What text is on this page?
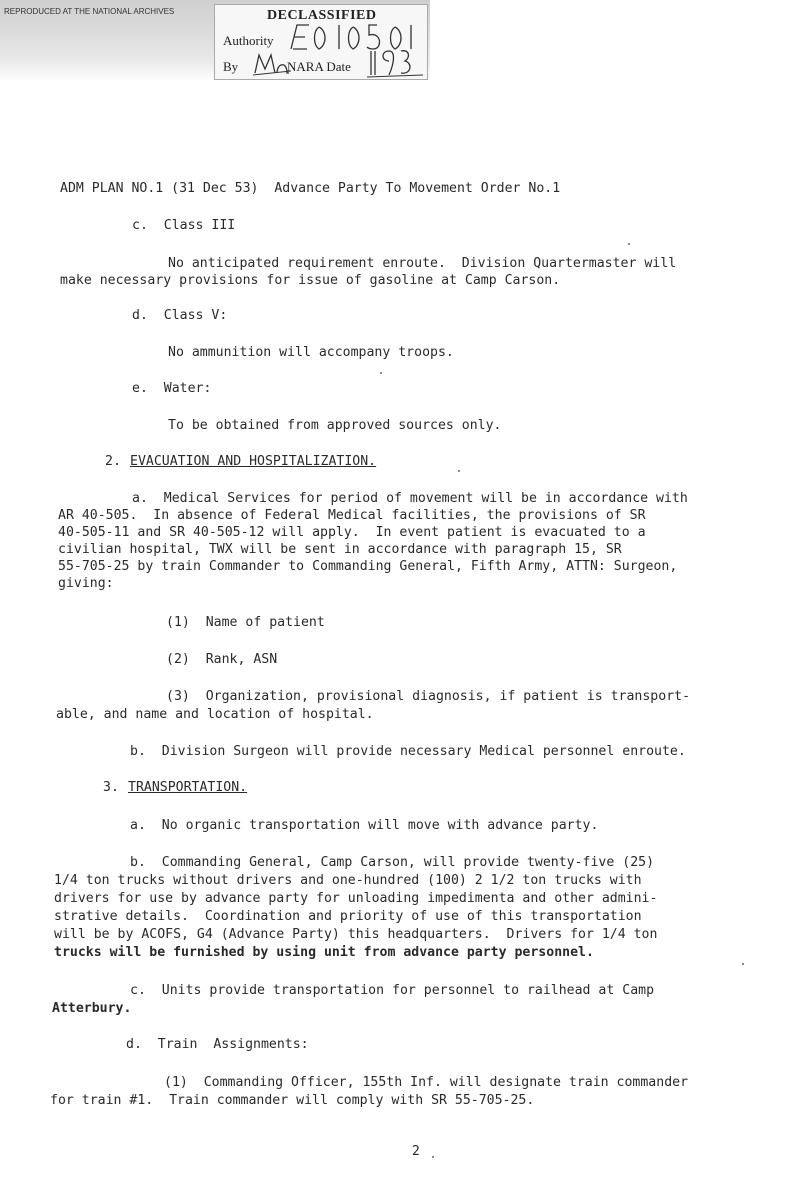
REPRODUCED AT THE NATIONAL ARCHIVES	DECLASSIFIED
Authority
By	NARA Date
ADM PLAN NO.1 (31 Dec 53)  Advance Party To Movement Order No.1
c.  Class III
No anticipated requirement enroute.  Division Quartermaster will
make necessary provisions for issue of gasoline at Camp Carson.
d.  Class V:
No ammunition will accompany troops.
e.  Water:
To be obtained from approved sources only.
2. EVACUATION AND HOSPITALIZATION.
a.  Medical Services for period of movement will be in accordance with
AR 40-505.  In absence of Federal Medical facilities, the provisions of SR
40-505-11 and SR 40-505-12 will apply.  In event patient is evacuated to a
civilian hospital, TWX will be sent in accordance with paragraph 15, SR
55-705-25 by train Commander to Commanding General, Fifth Army, ATTN: Surgeon,
giving:
(1)  Name of patient
(2)  Rank, ASN
(3)  Organization, provisional diagnosis, if patient is transport-
able, and name and location of hospital.
b.  Division Surgeon will provide necessary Medical personnel enroute.
3. TRANSPORTATION.
a.  No organic transportation will move with advance party.
b.  Commanding General, Camp Carson, will provide twenty-five (25)
1/4 ton trucks without drivers and one-hundred (100) 2 1/2 ton trucks with
drivers for use by advance party for unloading impedimenta and other admini-
strative details.  Coordination and priority of use of this transportation
will be by ACOFS, G4 (Advance Party) this headquarters.  Drivers for 1/4 ton
trucks will be furnished by using unit from advance party personnel.
c.  Units provide transportation for personnel to railhead at Camp
Atterbury.
d.  Train  Assignments:
(1)  Commanding Officer, 155th Inf. will designate train commander
for train #1.  Train commander will comply with SR 55-705-25.
2
